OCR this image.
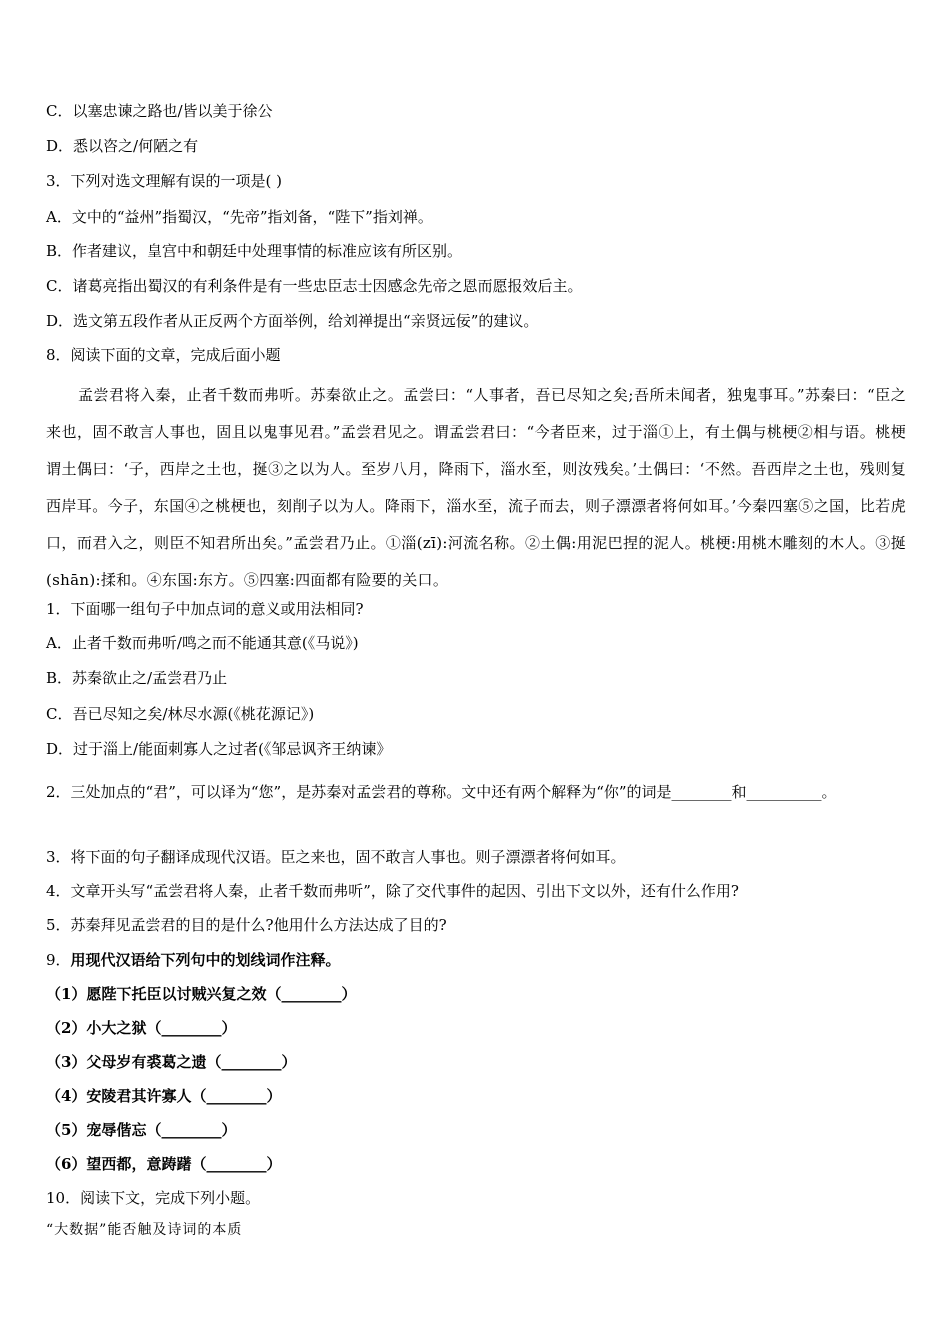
C．以塞忠谏之路也/皆以美于徐公
D．悉以咨之/何陋之有
3．下列对选文理解有误的一项是( )
A．文中的“益州”指蜀汉，“先帝”指刘备，“陛下”指刘禅。
B．作者建议，皇宫中和朝廷中处理事情的标准应该有所区别。
C．诸葛亮指出蜀汉的有利条件是有一些忠臣志士因感念先帝之恩而愿报效后主。
D．选文第五段作者从正反两个方面举例，给刘禅提出“亲贤远佞”的建议。
8．阅读下面的文章，完成后面小题
孟尝君将入秦，止者千数而弗听。苏秦欲止之。孟尝曰：“人事者，吾已尽知之矣;吾所未闻者，独鬼事耳。”苏秦曰：“臣之来也，固不敢言人事也，固且以鬼事见君。”孟尝君见之。谓孟尝君曰：“今者臣来，过于淄①上，有土偶与桃梗②相与语。桃梗谓土偶曰：‘子，西岸之土也，挻③之以为人。至岁八月，降雨下，淄水至，则汝残矣。’土偶曰：‘不然。吾西岸之土也，残则复西岸耳。今子，东国④之桃梗也，刻削子以为人。降雨下，淄水至，流子而去，则子漂漂者将何如耳。’今秦四塞⑤之国，比若虎口，而君入之，则臣不知君所出矣。”孟尝君乃止。①淄(zī):河流名称。②土偶:用泥巴捏的泥人。桃梗:用桃木雕刻的木人。③挻(shān):揉和。④东国:东方。⑤四塞:四面都有险要的关口。
1．下面哪一组句子中加点词的意义或用法相同?
A．止者千数而弗听/鸣之而不能通其意(《马说》)
B．苏秦欲止之/孟尝君乃止
C．吾已尽知之矣/林尽水源(《桃花源记》)
D．过于淄上/能面刺寡人之过者(《邹忌讽齐王纳谏》
2．三处加点的“君”，可以译为“您”，是苏秦对孟尝君的尊称。文中还有两个解释为“你”的词是________和__________。
3．将下面的句子翻译成现代汉语。臣之来也，固不敢言人事也。则子漂漂者将何如耳。
4．文章开头写“孟尝君将人秦，止者千数而弗听”，除了交代事件的起因、引出下文以外，还有什么作用?
5．苏秦拜见孟尝君的目的是什么?他用什么方法达成了目的?
9．用现代汉语给下列句中的划线词作注释。
（1）愿陛下托臣以讨贼兴复之效（________）
（2）小大之狱（________）
（3）父母岁有裘葛之遗（________）
（4）安陵君其许寡人（________）
（5）宠辱偕忘（________）
（6）望西都，意踌躇（________）
10．阅读下文，完成下列小题。
“大数据”能否触及诗词的本质
